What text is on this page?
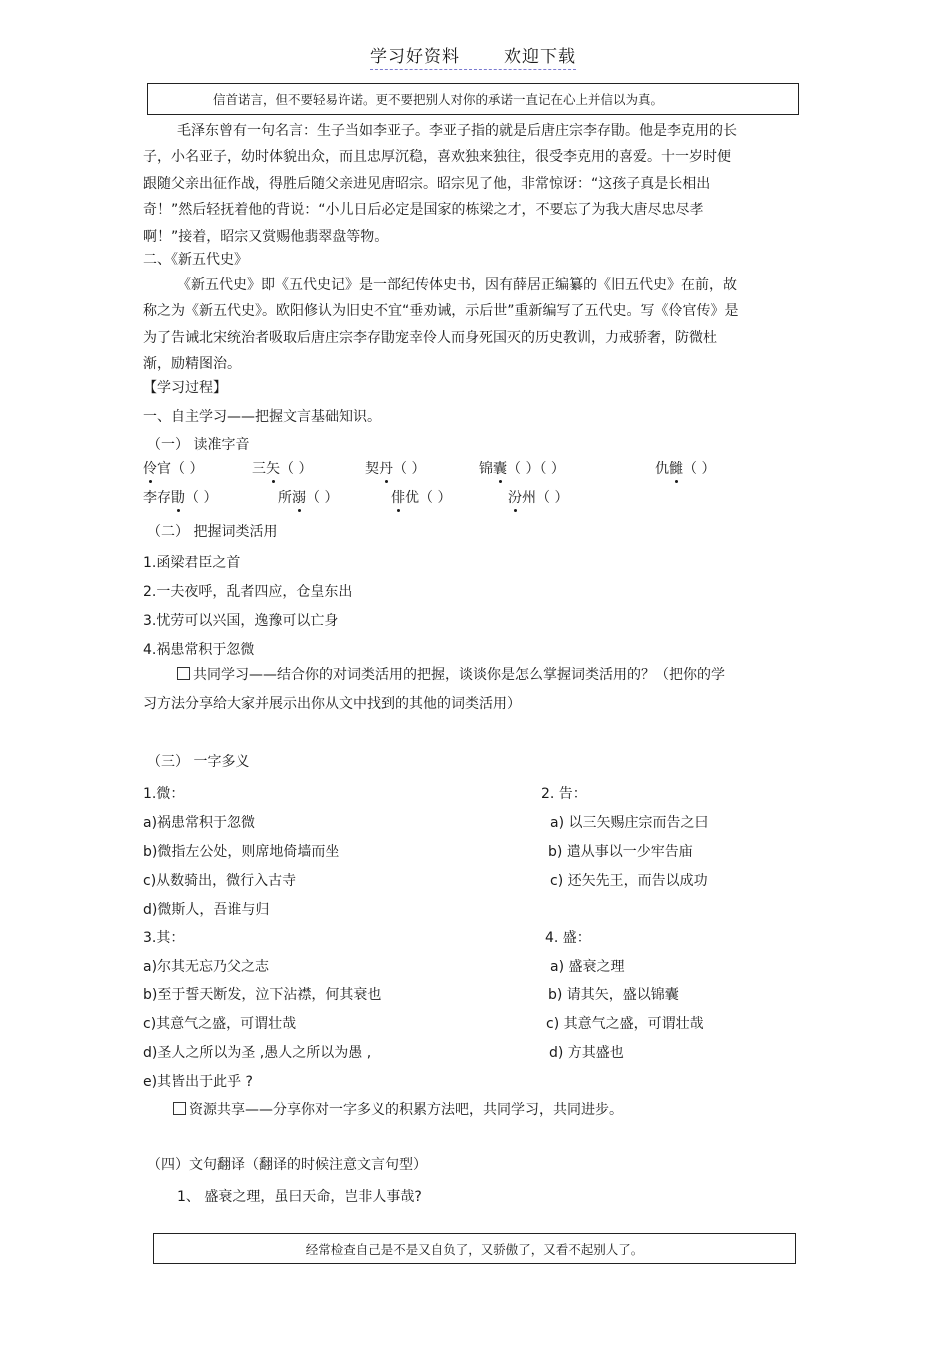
学习好资料	欢迎下载
信首诺言，但不要轻易许诺。更不要把别人对你的承诺一直记在心上并信以为真。
毛泽东曾有一句名言：生子当如李亚子。李亚子指的就是后唐庄宗李存勖。他是李克用的长子，小名亚子，幼时体貌出众，而且忠厚沉稳，喜欢独来独往，很受李克用的喜爱。十一岁时便跟随父亲出征作战，得胜后随父亲进见唐昭宗。昭宗见了他，非常惊讶：“这孩子真是长相出奇！”然后轻抚着他的背说：“小儿日后必定是国家的栋梁之才，不要忘了为我大唐尽忠尽孝啊！”接着，昭宗又赏赐他翡翠盘等物。
二、《新五代史》
《新五代史》即《五代史记》是一部纪传体史书，因有薛居正编纂的《旧五代史》在前，故称之为《新五代史》。欧阳修认为旧史不宜“垂劝诫，示后世”重新编写了五代史。写《伶官传》是为了告诫北宋统治者吸取后唐庄宗李存勖宠幸伶人而身死国灭的历史教训，力戒骄奢，防微杜渐，励精图治。
【学习过程】
一、自主学习——把握文言基础知识。
（一） 读准字音
伶官（ ）	三矢（ ）	契丹（ ）	锦囊（ ）（ ）	仇雠（ ）
李存勖（ ）	所溺（ ）	俳优（ ）	汾州（ ）
（二） 把握词类活用
1.函梁君臣之首
2.一夫夜呼，乱者四应，仓皇东出
3.忧劳可以兴国，逸豫可以亡身
4.祸患常积于忽微
共同学习——结合你的对词类活用的把握，谈谈你是怎么掌握词类活用的？（把你的学习方法分享给大家并展示出你从文中找到的其他的词类活用）
（三） 一字多义
1.微：	2. 告：
a)祸患常积于忽微	a) 以三矢赐庄宗而告之曰
b)微指左公处，则席地倚墙而坐	b) 遣从事以一少牢告庙
c)从数骑出，微行入古寺	c) 还矢先王，而告以成功
d)微斯人，吾谁与归
3.其：	4. 盛：
a)尔其无忘乃父之志	a) 盛衰之理
b)至于誓天断发，泣下沾襟，何其衰也	b) 请其矢，盛以锦囊
c)其意气之盛，可谓壮哉	c) 其意气之盛，可谓壮哉
d)圣人之所以为圣 ,愚人之所以为愚 ,	d) 方其盛也
e)其皆出于此乎 ?
资源共享——分享你对一字多义的积累方法吧，共同学习，共同进步。
（四）文句翻译（翻译的时候注意文言句型）
1、 盛衰之理，虽曰天命，岂非人事哉?
经常检查自己是不是又自负了，又骄傲了，又看不起别人了。
